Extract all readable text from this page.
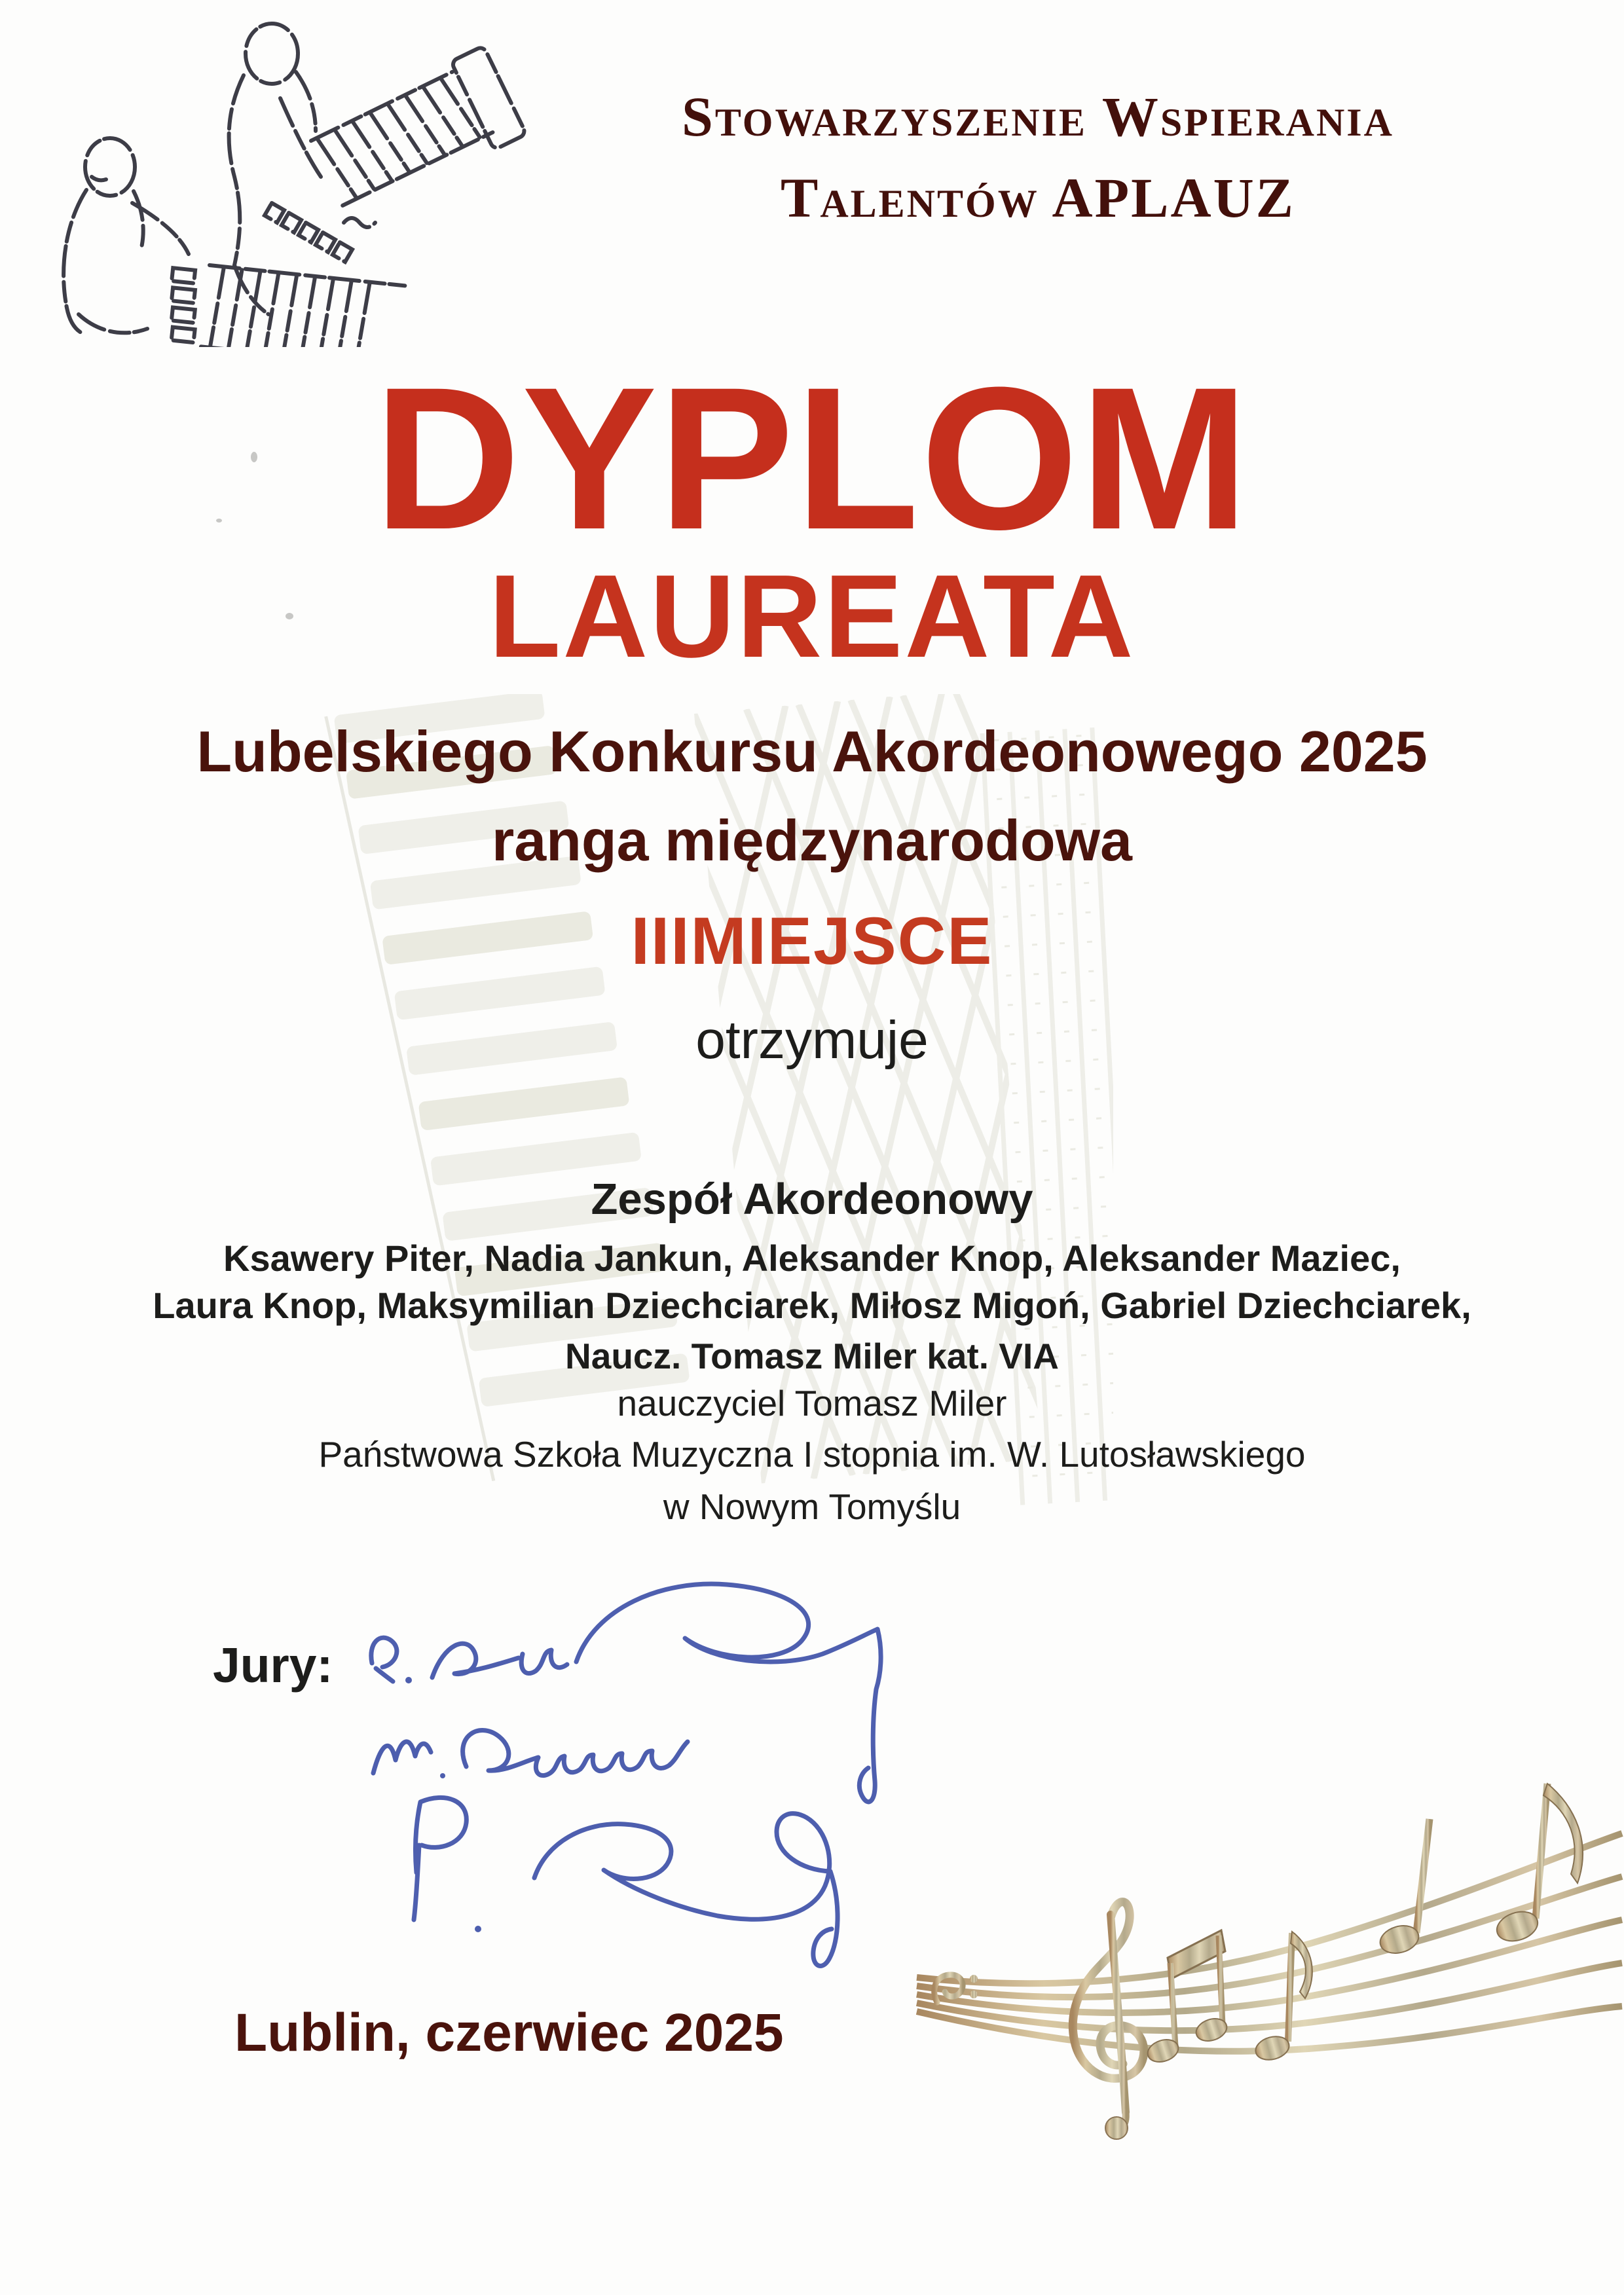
Stowarzyszenie Wspierania
Talentów APLAUZ
DYPLOM
LAUREATA
Lubelskiego Konkursu Akordeonowego 2025
ranga międzynarodowa
IIIMIEJSCE
otrzymuje
Zespół Akordeonowy
Ksawery Piter, Nadia Jankun, Aleksander Knop, Aleksander Maziec,
Laura Knop, Maksymilian Dziechciarek, Miłosz Migoń, Gabriel Dziechciarek,
Naucz. Tomasz Miler kat. VIA
nauczyciel Tomasz Miler
Państwowa Szkoła Muzyczna I stopnia im. W. Lutosławskiego
w Nowym Tomyślu
Jury:
Lublin, czerwiec 2025
